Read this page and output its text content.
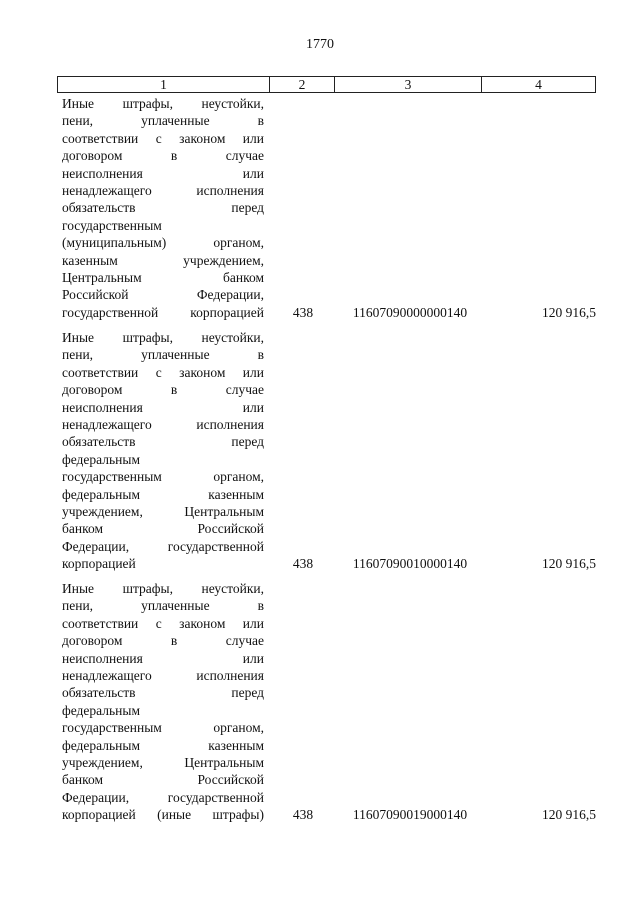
1770
1	2	3	4
Иные штрафы, неустойки,
пени, уплаченные в
соответствии с законом или
договором в случае
неисполнения или
ненадлежащего исполнения
обязательств перед
государственным
(муниципальным) органом,
казенным учреждением,
Центральным банком
Российской Федерации,
государственной корпорацией	438	11607090000000140	120 916,5
Иные штрафы, неустойки,
пени, уплаченные в
соответствии с законом или
договором в случае
неисполнения или
ненадлежащего исполнения
обязательств перед
федеральным
государственным органом,
федеральным казенным
учреждением, Центральным
банком Российской
Федерации, государственной
корпорацией	438	11607090010000140	120 916,5
Иные штрафы, неустойки,
пени, уплаченные в
соответствии с законом или
договором в случае
неисполнения или
ненадлежащего исполнения
обязательств перед
федеральным
государственным органом,
федеральным казенным
учреждением, Центральным
банком Российской
Федерации, государственной
корпорацией (иные штрафы)	438	11607090019000140	120 916,5
